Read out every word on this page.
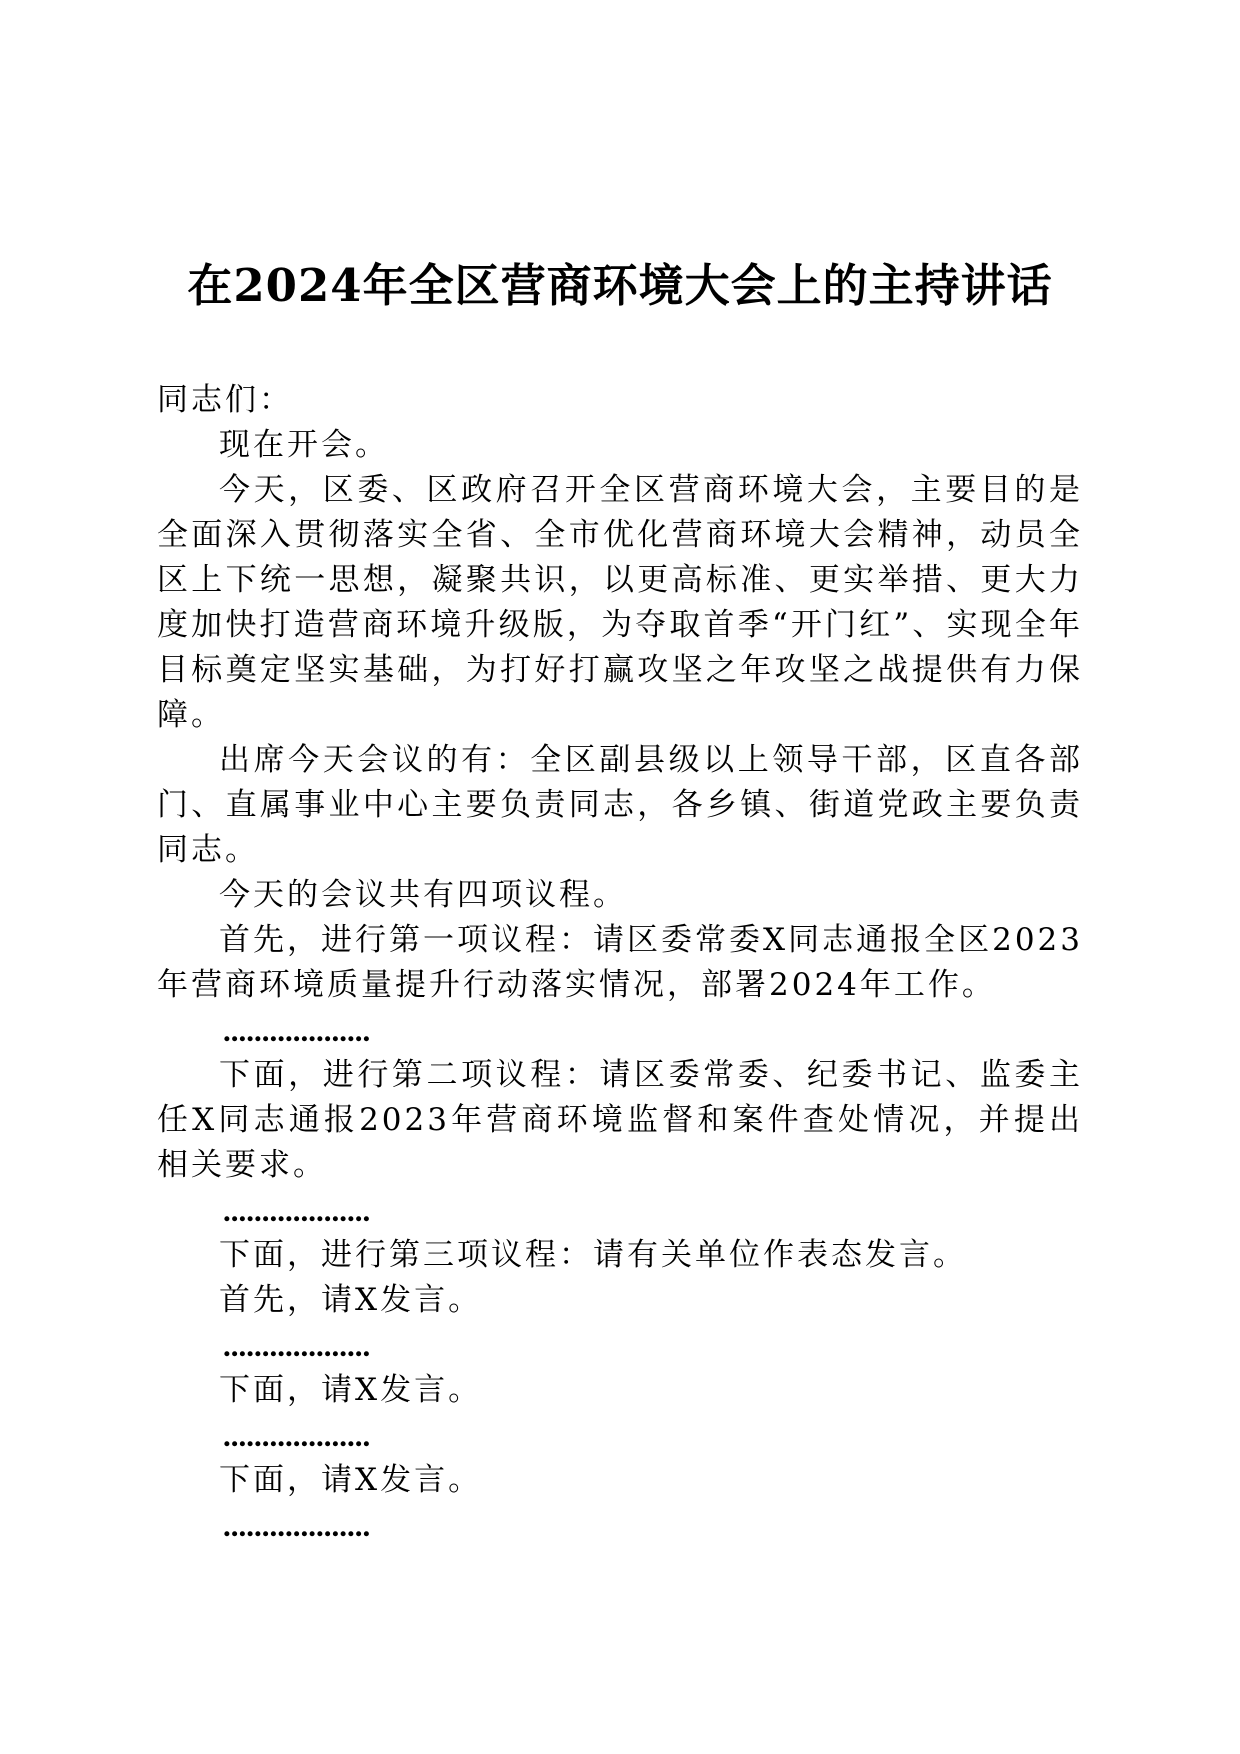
在2024年全区营商环境大会上的主持讲话

同志们：

现在开会。

今天，区委、区政府召开全区营商环境大会，主要目的是全面深入贯彻落实全省、全市优化营商环境大会精神，动员全区上下统一思想，凝聚共识，以更高标准、更实举措、更大力度加快打造营商环境升级版，为夺取首季“开门红”、实现全年目标奠定坚实基础，为打好打赢攻坚之年攻坚之战提供有力保障。

出席今天会议的有：全区副县级以上领导干部，区直各部门、直属事业中心主要负责同志，各乡镇、街道党政主要负责同志。

今天的会议共有四项议程。

首先，进行第一项议程：请区委常委X同志通报全区2023年营商环境质量提升行动落实情况，部署2024年工作。

...................

下面，进行第二项议程：请区委常委、纪委书记、监委主任X同志通报2023年营商环境监督和案件查处情况，并提出相关要求。

...................

下面，进行第三项议程：请有关单位作表态发言。

首先，请X发言。

...................

下面，请X发言。

...................

下面，请X发言。

...................
